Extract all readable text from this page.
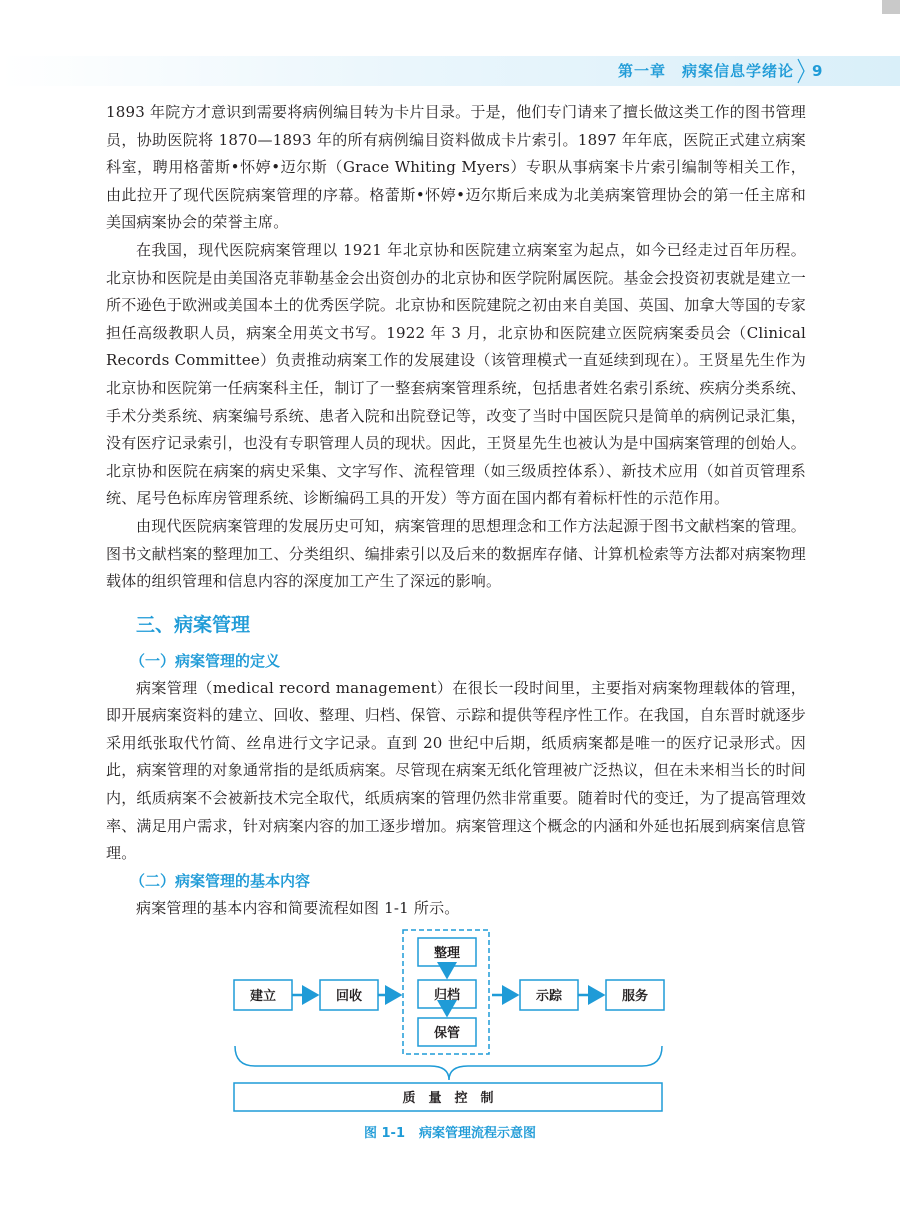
第一章　病案信息学绪论 9

1893 年院方才意识到需要将病例编目转为卡片目录。于是，他们专门请来了擅长做这类工作的图书管理员，协助医院将 1870—1893 年的所有病例编目资料做成卡片索引。1897 年年底，医院正式建立病案科室，聘用格蕾斯•怀婷•迈尔斯（Grace Whiting Myers）专职从事病案卡片索引编制等相关工作，由此拉开了现代医院病案管理的序幕。格蕾斯•怀婷•迈尔斯后来成为北美病案管理协会的第一任主席和美国病案协会的荣誉主席。

在我国，现代医院病案管理以 1921 年北京协和医院建立病案室为起点，如今已经走过百年历程。北京协和医院是由美国洛克菲勒基金会出资创办的北京协和医学院附属医院。基金会投资初衷就是建立一所不逊色于欧洲或美国本土的优秀医学院。北京协和医院建院之初由来自美国、英国、加拿大等国的专家担任高级教职人员，病案全用英文书写。1922 年 3 月，北京协和医院建立医院病案委员会（Clinical Records Committee）负责推动病案工作的发展建设（该管理模式一直延续到现在）。王贤星先生作为北京协和医院第一任病案科主任，制订了一整套病案管理系统，包括患者姓名索引系统、疾病分类系统、手术分类系统、病案编号系统、患者入院和出院登记等，改变了当时中国医院只是简单的病例记录汇集，没有医疗记录索引，也没有专职管理人员的现状。因此，王贤星先生也被认为是中国病案管理的创始人。北京协和医院在病案的病史采集、文字写作、流程管理（如三级质控体系）、新技术应用（如首页管理系统、尾号色标库房管理系统、诊断编码工具的开发）等方面在国内都有着标杆性的示范作用。

由现代医院病案管理的发展历史可知，病案管理的思想理念和工作方法起源于图书文献档案的管理。图书文献档案的整理加工、分类组织、编排索引以及后来的数据库存储、计算机检索等方法都对病案物理载体的组织管理和信息内容的深度加工产生了深远的影响。

三、病案管理
（一）病案管理的定义

病案管理（medical record management）在很长一段时间里，主要指对病案物理载体的管理，即开展病案资料的建立、回收、整理、归档、保管、示踪和提供等程序性工作。在我国，自东晋时就逐步采用纸张取代竹简、丝帛进行文字记录。直到 20 世纪中后期，纸质病案都是唯一的医疗记录形式。因此，病案管理的对象通常指的是纸质病案。尽管现在病案无纸化管理被广泛热议，但在未来相当长的时间内，纸质病案不会被新技术完全取代，纸质病案的管理仍然非常重要。随着时代的变迁，为了提高管理效率、满足用户需求，针对病案内容的加工逐步增加。病案管理这个概念的内涵和外延也拓展到病案信息管理。

（二）病案管理的基本内容

病案管理的基本内容和简要流程如图 1-1 所示。

建立	回收
整理
归档
保管
示踪	服务
质　量　控　制
图 1-1 病案管理流程示意图
